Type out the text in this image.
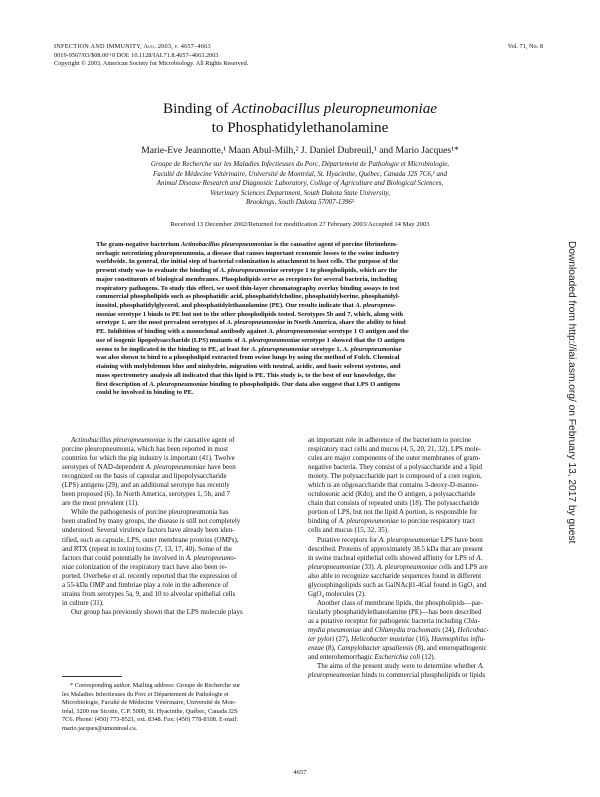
INFECTION AND IMMUNITY, Aug. 2003, p. 4657–4663
0019-9567/03/$08.00+0 DOI: 10.1128/IAI.71.8.4657–4663.2003
Copyright © 2003, American Society for Microbiology. All Rights Reserved.
Vol. 71, No. 8
Binding of Actinobacillus pleuropneumoniae
to Phosphatidylethanolamine
Marie-Eve Jeannotte,¹ Maan Abul-Milh,² J. Daniel Dubreuil,¹ and Mario Jacques¹*
Groupe de Recherche sur les Maladies Infectieuses du Porc, Département de Pathologie et Microbiologie,
Faculté de Médecine Vétérinaire, Université de Montréal, St. Hyacinthe, Québec, Canada J2S 7C6,¹ and
Animal Disease Research and Diagnostic Laboratory, College of Agriculture and Biological Sciences,
Veterinary Sciences Department, South Dakota State University,
Brookings, South Dakota 57007-1396²
Received 13 December 2002/Returned for modification 27 February 2003/Accepted 14 May 2003
The gram-negative bacterium Actinobacillus pleuropneumoniae is the causative agent of porcine fibrinohem-
orrhagic necrotizing pleuropneumonia, a disease that causes important economic losses to the swine industry
worldwide. In general, the initial step of bacterial colonization is attachment to host cells. The purpose of the
present study was to evaluate the binding of A. pleuropneumoniae serotype 1 to phospholipids, which are the
major constituents of biological membranes. Phospholipids serve as receptors for several bacteria, including
respiratory pathogens. To study this effect, we used thin-layer chromatography overlay binding assays to test
commercial phospholipids such as phosphatidic acid, phosphatidylcholine, phosphatidylserine, phosphatidyl-
inositol, phosphatidylglycerol, and phosphatidylethanolamine (PE). Our results indicate that A. pleuropneu-
moniae serotype 1 binds to PE but not to the other phospholipids tested. Serotypes 5b and 7, which, along with
serotype 1, are the most prevalent serotypes of A. pleuropneumoniae in North America, share the ability to bind
PE. Inhibition of binding with a monoclonal antibody against A. pleuropneumoniae serotype 1 O antigen and the
use of isogenic lipopolysaccharide (LPS) mutants of A. pleuropneumoniae serotype 1 showed that the O antigen
seems to be implicated in the binding to PE, at least for A. pleuropneumoniae serotype 1. A. pleuropneumoniae
was also shown to bind to a phospholipid extracted from swine lungs by using the method of Folch. Chemical
staining with molybdenum blue and ninhydrin, migration with neutral, acidic, and basic solvent systems, and
mass spectrometry analysis all indicated that this lipid is PE. This study is, to the best of our knowledge, the
first description of A. pleuropneumoniae binding to phospholipids. Our data also suggest that LPS O antigens
could be involved in binding to PE.
Actinobacillus pleuropneumoniae is the causative agent of
porcine pleuropneumonia, which has been reported in most
countries for which the pig industry is important (41). Twelve
serotypes of NAD-dependent A. pleuropneumoniae have been
recognized on the basis of capsular and lipopolysaccharide
(LPS) antigens (29), and an additional serotype has recently
been proposed (6). In North America, serotypes 1, 5b, and 7
are the most prevalent (11).
While the pathogenesis of porcine pleuropneumonia has
been studied by many groups, the disease is still not completely
understood. Several virulence factors have already been iden-
tified, such as capsule, LPS, outer membrane proteins (OMPs),
and RTX (repeat in toxin) toxins (7, 13, 17, 40). Some of the
factors that could potentially be involved in A. pleuropneumo-
niae colonization of the respiratory tract have also been re-
ported. Overbeke et al. recently reported that the expression of
a 55-kDa OMP and fimbriae play a role in the adherence of
strains from serotypes 5a, 9, and 10 to alveolar epithelial cells
in culture (31).
Our group has previously shown that the LPS molecule plays
an important role in adherence of the bacterium to porcine
respiratory tract cells and mucus (4, 5, 20, 21, 32). LPS mole-
cules are major components of the outer membranes of gram-
negative bacteria. They consist of a polysaccharide and a lipid
moiety. The polysaccharide part is composed of a core region,
which is an oligosaccharide that contains 3-deoxy-D-manno-
octulosonic acid (Kdo), and the O antigen, a polysaccharide
chain that consists of repeated units (18). The polysaccharide
portion of LPS, but not the lipid A portion, is responsible for
binding of A. pleuropneumoniae to porcine respiratory tract
cells and mucus (15, 32, 35).
Putative receptors for A. pleuropneumoniae LPS have been
described. Proteins of approximately 38.5 kDa that are present
in swine tracheal epithelial cells showed affinity for LPS of A.
pleuropneumoniae (33). A. pleuropneumoniae cells and LPS are
also able to recognize saccharide sequences found in different
glycosphingolipids such as GalNAcβ1-4Gal found in GgO₃ and
GgO₄ molecules (2).
Another class of membrane lipids, the phospholipids—par-
ticularly phosphatidylethanolamine (PE)—has been described
as a putative receptor for pathogenic bacteria including Chla-
mydia pneumoniae and Chlamydia trachomatis (24), Helicobac-
ter pylori (27), Helicobacter mustelae (16), Haemophilus influ-
enzae (8), Campylobacter upsaliensis (8), and enteropathogenic
and enterohemorrhagic Escherichia coli (12).
The aims of the present study were to determine whether A.
pleuropneumoniae binds to commercial phospholipids or lipids
* Corresponding author. Mailing address: Groupe de Recherche sur
les Maladies Infectieuses du Porc et Département de Pathologie et
Microbiologie, Faculté de Médecine Vétérinaire, Université de Mon-
tréal, 3200 rue Sicotte, C.P. 5000, St. Hyacinthe, Québec, Canada J2S
7C6. Phone: (450) 773-8521, ext. 8348. Fax: (450) 778-8108. E-mail:
mario.jacques@umontreal.ca.
4657
Downloaded from http://iai.asm.org/ on February 13, 2017 by guest
